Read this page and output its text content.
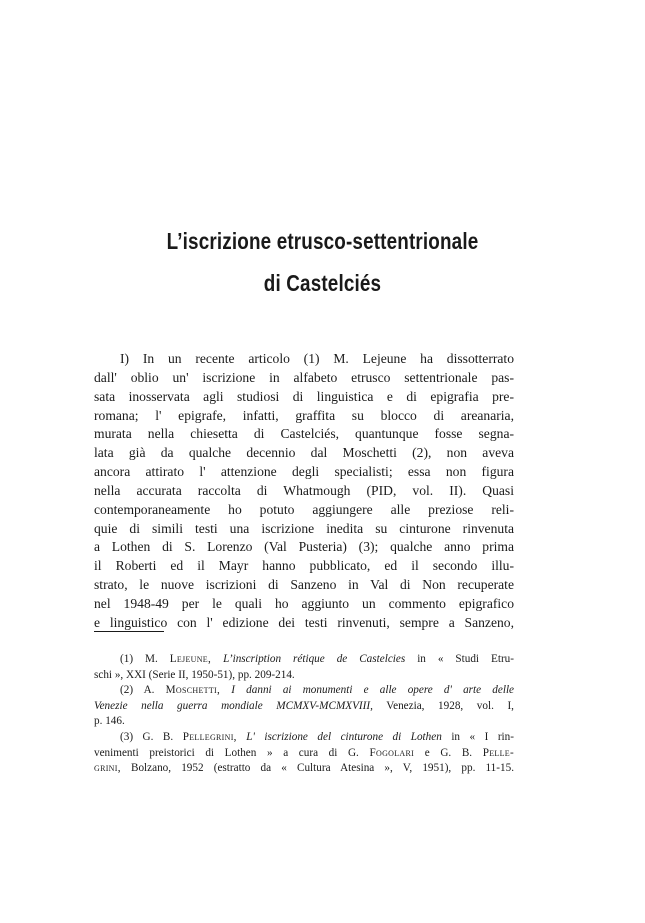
L’iscrizione etrusco-settentrionale
di Castelciés
I) In un recente articolo (1) M. Lejeune ha dissotterrato
dall' oblio un' iscrizione in alfabeto etrusco settentrionale pas-
sata inosservata agli studiosi di linguistica e di epigrafia pre-
romana; l' epigrafe, infatti, graffita su blocco di areanaria,
murata nella chiesetta di Castelciés, quantunque fosse segna-
lata già da qualche decennio dal Moschetti (2), non aveva
ancora attirato l' attenzione degli specialisti; essa non figura
nella accurata raccolta di Whatmough (PID, vol. II). Quasi
contemporaneamente ho potuto aggiungere alle preziose reli-
quie di simili testi una iscrizione inedita su cinturone rinvenuta
a Lothen di S. Lorenzo (Val Pusteria) (3); qualche anno prima
il Roberti ed il Mayr hanno pubblicato, ed il secondo illu-
strato, le nuove iscrizioni di Sanzeno in Val di Non recuperate
nel 1948-49 per le quali ho aggiunto un commento epigrafico
e linguistico con l' edizione dei testi rinvenuti, sempre a Sanzeno,
(1) M. Lejeune, L’inscription rétique de Castelcies in « Studi Etru-
schi », XXI (Serie II, 1950-51), pp. 209-214.
(2) A. Moschetti, I danni ai monumenti e alle opere d' arte delle
Venezie nella guerra mondiale MCMXV-MCMXVIII, Venezia, 1928, vol. I,
p. 146.
(3) G. B. Pellegrini, L' iscrizione del cinturone di Lothen in « I rin-
venimenti preistorici di Lothen » a cura di G. Fogolari e G. B. Pelle-
grini, Bolzano, 1952 (estratto da « Cultura Atesina », V, 1951), pp. 11-15.
